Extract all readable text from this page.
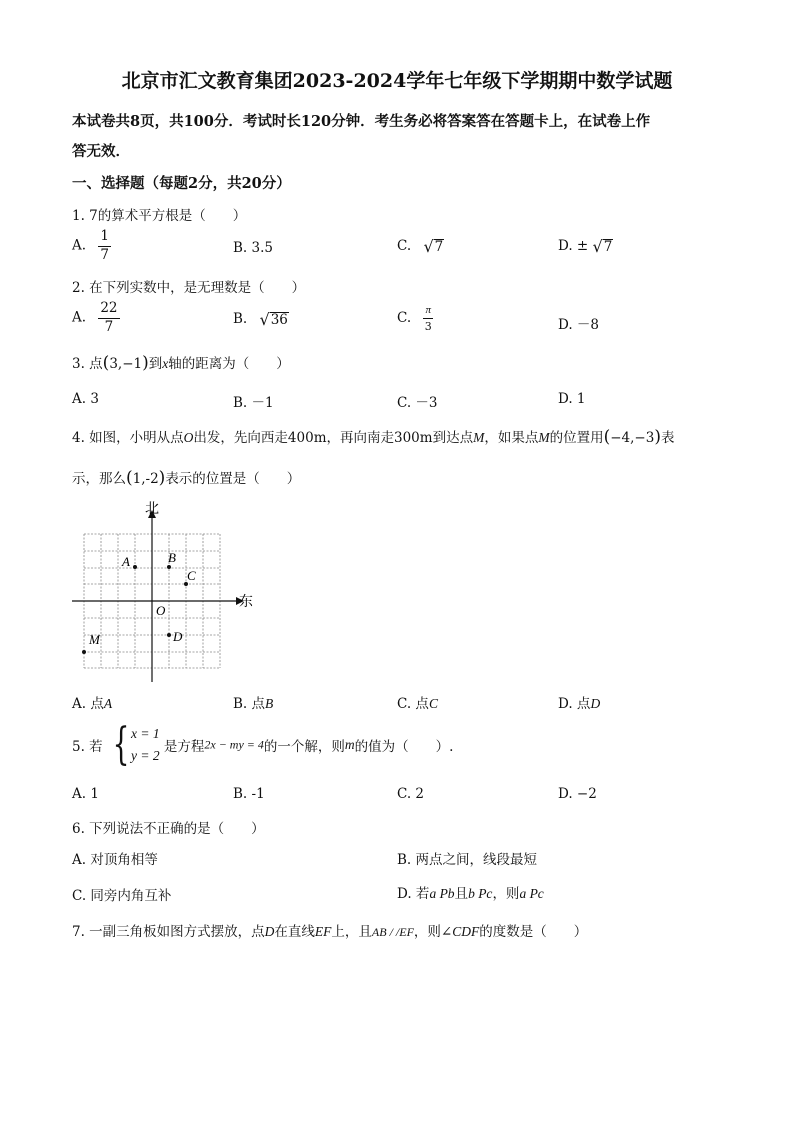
北京市汇文教育集团2023-2024学年七年级下学期期中数学试题
本试卷共8页，共100分．考试时长120分钟．考生务必将答案答在答题卡上，在试卷上作
答无效．
一、选择题（每题2分，共20分）
1. 7的算术平方根是（　　）
A. $\frac{1}{7}$	B. 3.5	C. √ 7	D. ± √ 7
2. 在下列实数中，是无理数是（　　）
A. $\frac{22}{7}$	B. √ 36	C. $\frac{\pi}{3}$	D. －8
3. 点(3,−1)到x轴的距离为（　　）
A. 3	B. －1	C. －3	D. 1
4. 如图，小明从点O出发，先向西走400m，再向南走300m到达点M，如果点M的位置用(−4,−3)表
示，那么(1,‑2)表示的位置是（　　）
北
东
A	B
C
O
D
M
A. 点A	B. 点B	C. 点C	D. 点D
5. 若 { x = 1
y = 2
是方程2x − my = 4的一个解，则m的值为（　　）.
A. 1	B. -1	C. 2	D. −2
6. 下列说法不正确的是（　　）
A. 对顶角相等	B. 两点之间，线段最短
C. 同旁内角互补	D. 若a Pb且b Pc，则a Pc
7. 一副三角板如图方式摆放，点D在直线EF上，且AB / /EF，则∠CDF的度数是（　　）
